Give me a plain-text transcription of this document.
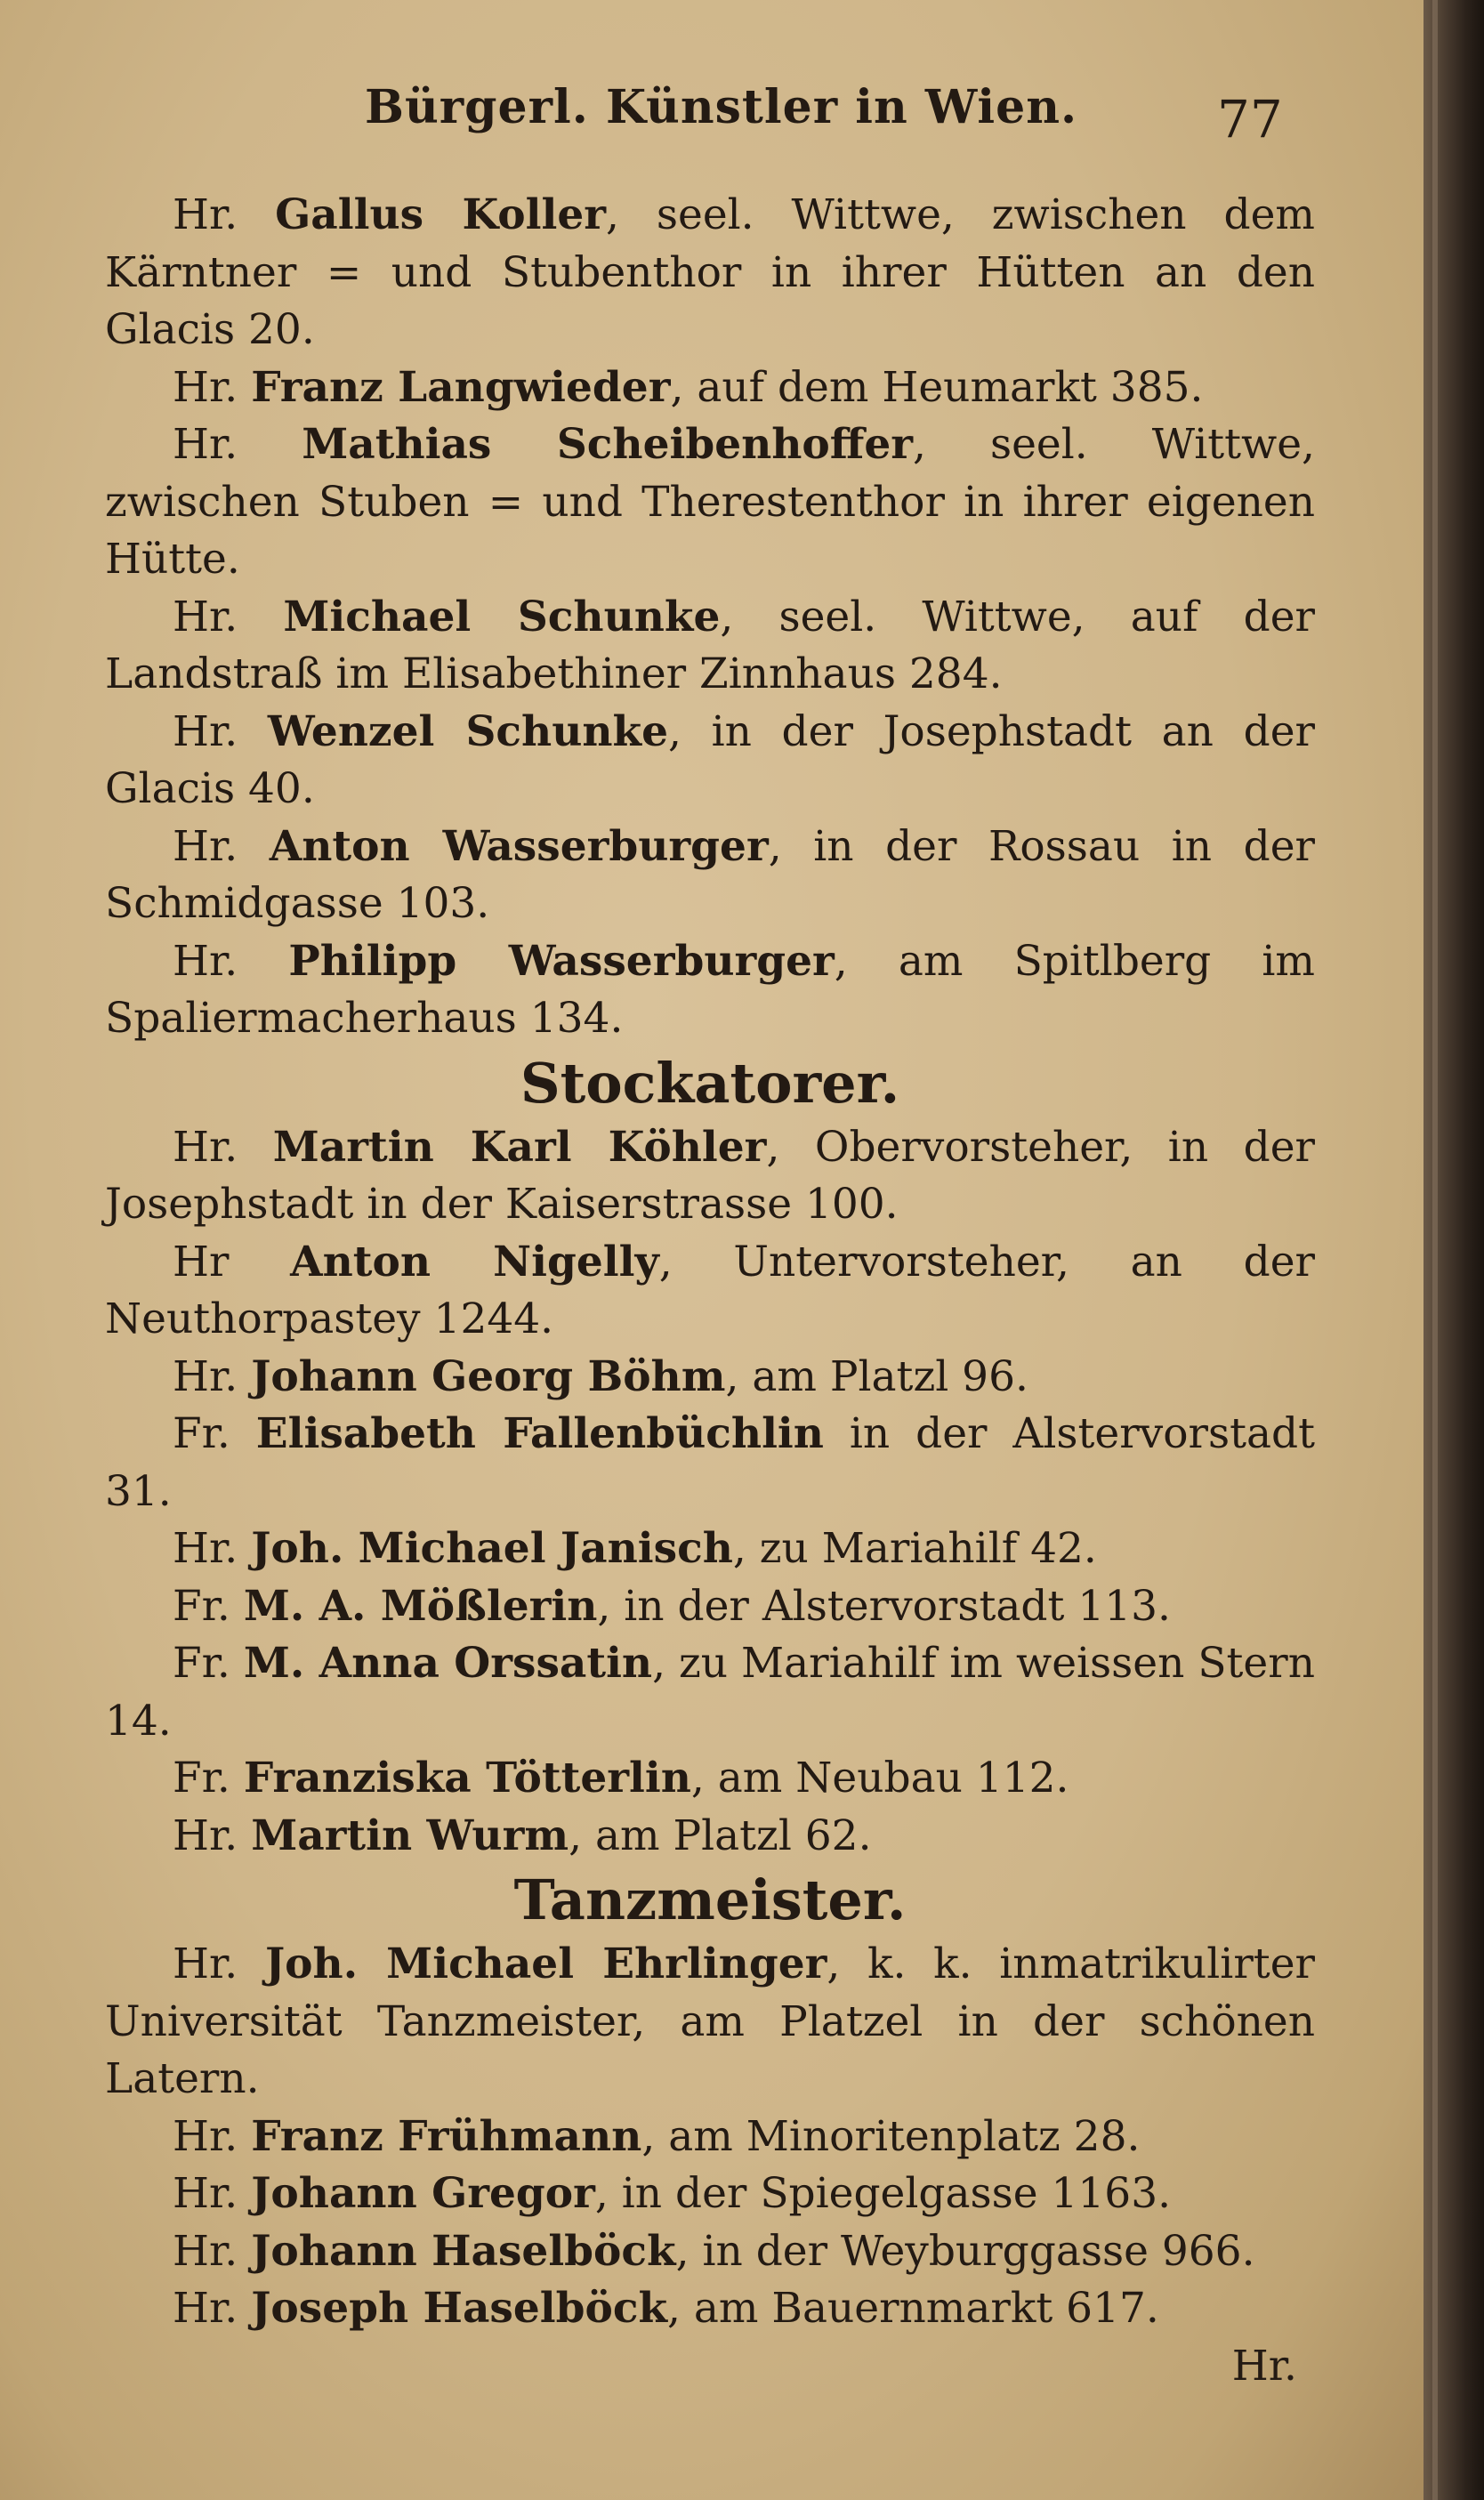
Bürgerl. Künstler in Wien.	77

Hr. Gallus Koller, seel. Wittwe, zwischen dem Kärntner = und Stubenthor in ihrer Hütten an den Glacis 20.

Hr. Franz Langwieder, auf dem Heumarkt 385.

Hr. Mathias Scheibenhoffer, seel. Wittwe, zwischen Stuben = und Therestenthor in ihrer eigenen Hütte.

Hr. Michael Schunke, seel. Wittwe, auf der Landstraß im Elisabethiner Zinnhaus 284.

Hr. Wenzel Schunke, in der Josephstadt an der Glacis 40.

Hr. Anton Wasserburger, in der Rossau in der Schmidgasse 103.

Hr. Philipp Wasserburger, am Spitlberg im Spaliermacherhaus 134.

Stockatorer.

Hr. Martin Karl Köhler, Obervorsteher, in der Josephstadt in der Kaiserstrasse 100.

Hr Anton Nigelly, Untervorsteher, an der Neuthorpastey 1244.

Hr. Johann Georg Böhm, am Platzl 96.

Fr. Elisabeth Fallenbüchlin in der Alstervorstadt 31.

Hr. Joh. Michael Janisch, zu Mariahilf 42.

Fr. M. A. Mößlerin, in der Alstervorstadt 113.

Fr. M. Anna Orssatin, zu Mariahilf im weissen Stern 14.

Fr. Franziska Tötterlin, am Neubau 112.

Hr. Martin Wurm, am Platzl 62.

Tanzmeister.

Hr. Joh. Michael Ehrlinger, k. k. inmatrikulirter Universität Tanzmeister, am Platzel in der schönen Latern.

Hr. Franz Frühmann, am Minoritenplatz 28.

Hr. Johann Gregor, in der Spiegelgasse 1163.

Hr. Johann Haselböck, in der Weyburggasse 966.

Hr. Joseph Haselböck, am Bauernmarkt 617.

Hr.
